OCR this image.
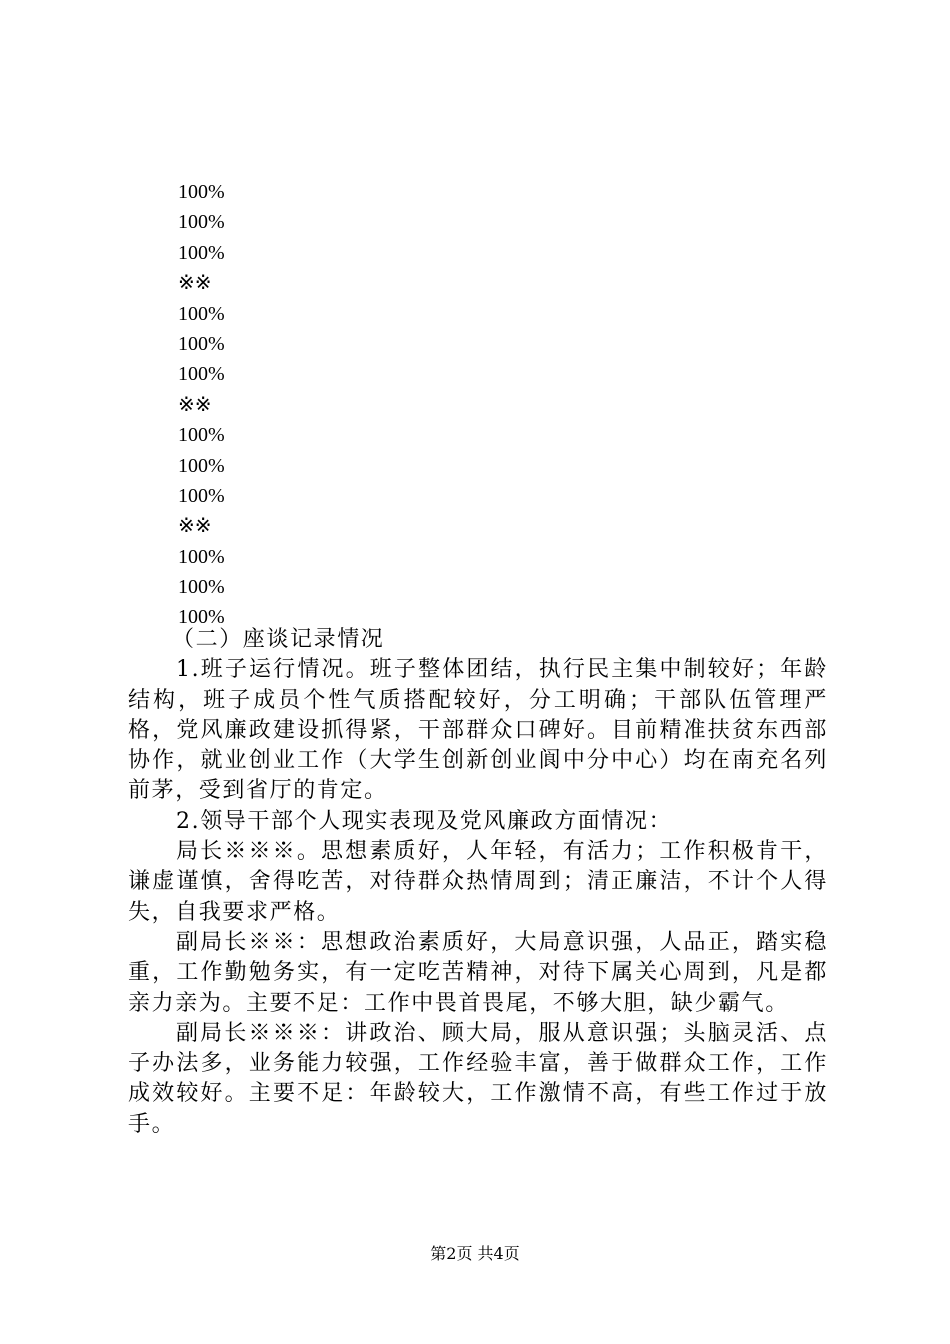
100%
100%
100%
※※
100%
100%
100%
※※
100%
100%
100%
※※
100%
100%
100%

（二）座谈记录情况

1.班子运行情况。班子整体团结，执行民主集中制较好；年龄结构，班子成员个性气质搭配较好，分工明确；干部队伍管理严格，党风廉政建设抓得紧，干部群众口碑好。目前精准扶贫东西部协作，就业创业工作（大学生创新创业阆中分中心）均在南充名列前茅，受到省厅的肯定。

2.领导干部个人现实表现及党风廉政方面情况：

局长※※※。思想素质好，人年轻，有活力；工作积极肯干，谦虚谨慎，舍得吃苦，对待群众热情周到；清正廉洁，不计个人得失，自我要求严格。

副局长※※：思想政治素质好，大局意识强，人品正，踏实稳重，工作勤勉务实，有一定吃苦精神，对待下属关心周到，凡是都亲力亲为。主要不足：工作中畏首畏尾，不够大胆，缺少霸气。

副局长※※※：讲政治、顾大局，服从意识强；头脑灵活、点子办法多，业务能力较强，工作经验丰富，善于做群众工作，工作成效较好。主要不足：年龄较大，工作激情不高，有些工作过于放手。

第2页 共4页
